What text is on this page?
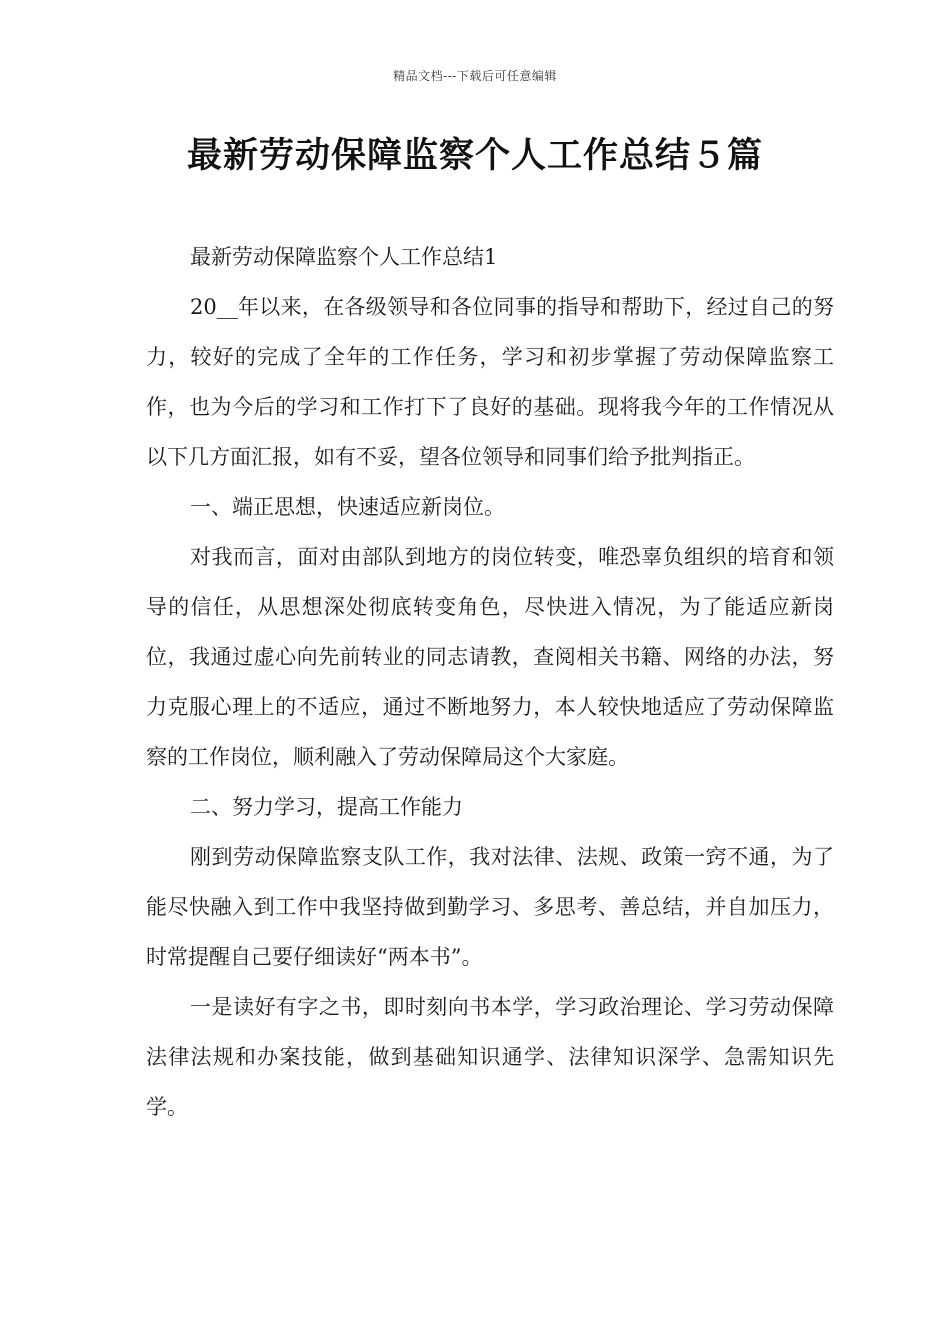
精品文档---下载后可任意编辑
最新劳动保障监察个人工作总结５篇

最新劳动保障监察个人工作总结1

20__年以来，在各级领导和各位同事的指导和帮助下，经过自己的努力，较好的完成了全年的工作任务，学习和初步掌握了劳动保障监察工作，也为今后的学习和工作打下了良好的基础。现将我今年的工作情况从以下几方面汇报，如有不妥，望各位领导和同事们给予批判指正。

一、端正思想，快速适应新岗位。

对我而言，面对由部队到地方的岗位转变，唯恐辜负组织的培育和领导的信任，从思想深处彻底转变角色，尽快进入情况，为了能适应新岗位，我通过虚心向先前转业的同志请教，查阅相关书籍、网络的办法，努力克服心理上的不适应，通过不断地努力，本人较快地适应了劳动保障监察的工作岗位，顺利融入了劳动保障局这个大家庭。

二、努力学习，提高工作能力

刚到劳动保障监察支队工作，我对法律、法规、政策一窍不通，为了能尽快融入到工作中我坚持做到勤学习、多思考、善总结，并自加压力，时常提醒自己要仔细读好“两本书”。

一是读好有字之书，即时刻向书本学，学习政治理论、学习劳动保障法律法规和办案技能，做到基础知识通学、法律知识深学、急需知识先学。
